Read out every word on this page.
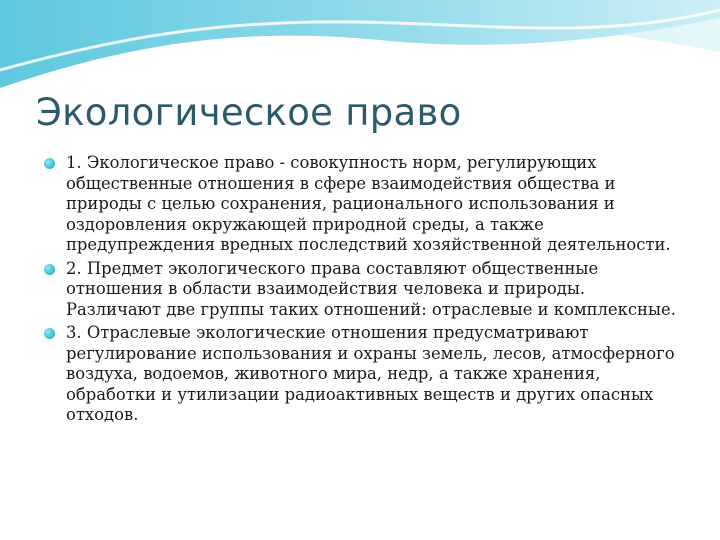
Экологическое право
1. Экологическое право - совокупность норм, регулирующих общественные отношения в сфере взаимодействия общества и природы с целью сохранения, рационального использования и оздоровления окружающей природной среды, а также предупреждения вредных последствий хозяйственной деятельности.
2. Предмет экологического права составляют общественные отношения в области взаимодействия человека и природы. Различают две группы таких отношений: отраслевые и комплексные.
3. Отраслевые экологические отношения предусматривают регулирование использования и охраны земель, лесов, атмосферного воздуха, водоемов, животного мира, недр, а также хранения, обработки и утилизации радиоактивных веществ и других опасных отходов.
